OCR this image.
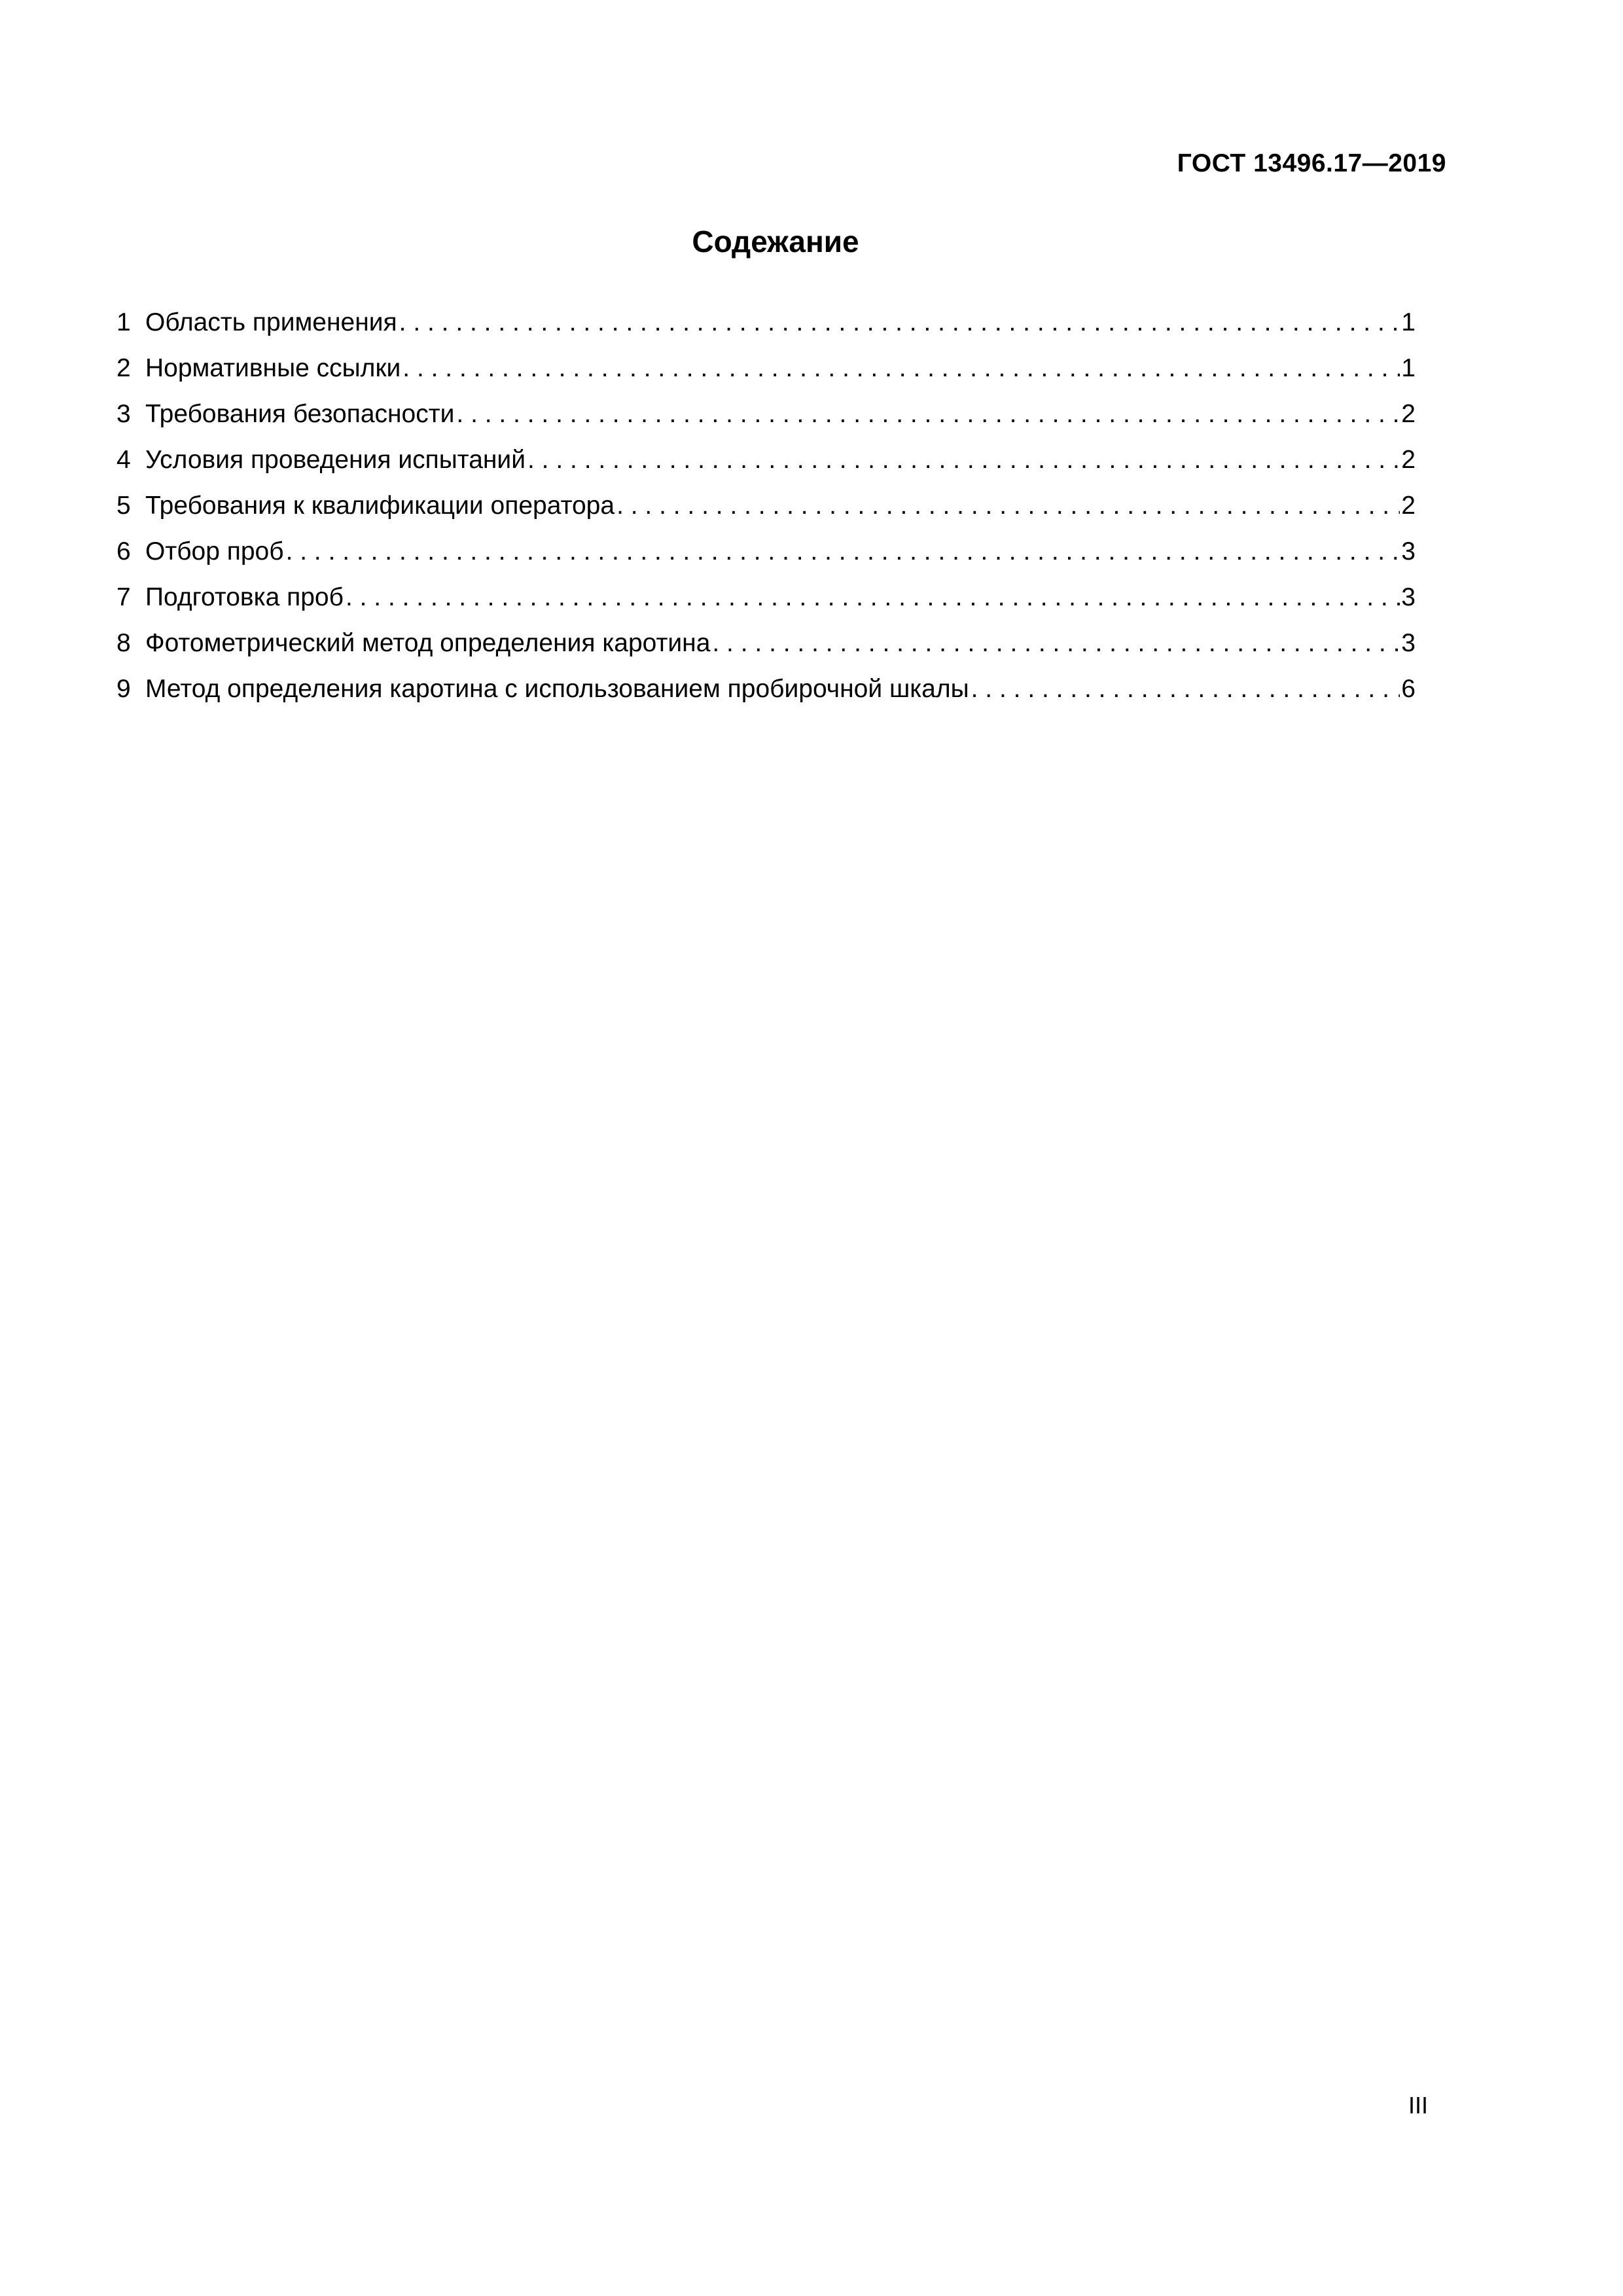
ГОСТ 13496.17—2019
Содежание
1 Область применения . . .	1
2 Нормативные ссылки . . .	1
3 Требования безопасности . . .	2
4 Условия проведения испытаний . . .	2
5 Требования к квалификации оператора . . .	2
6 Отбор проб . . .	3
7 Подготовка проб . . .	3
8 Фотометрический метод определения каротина . . .	3
9 Метод определения каротина с использованием пробирочной шкалы . . .	6
III
